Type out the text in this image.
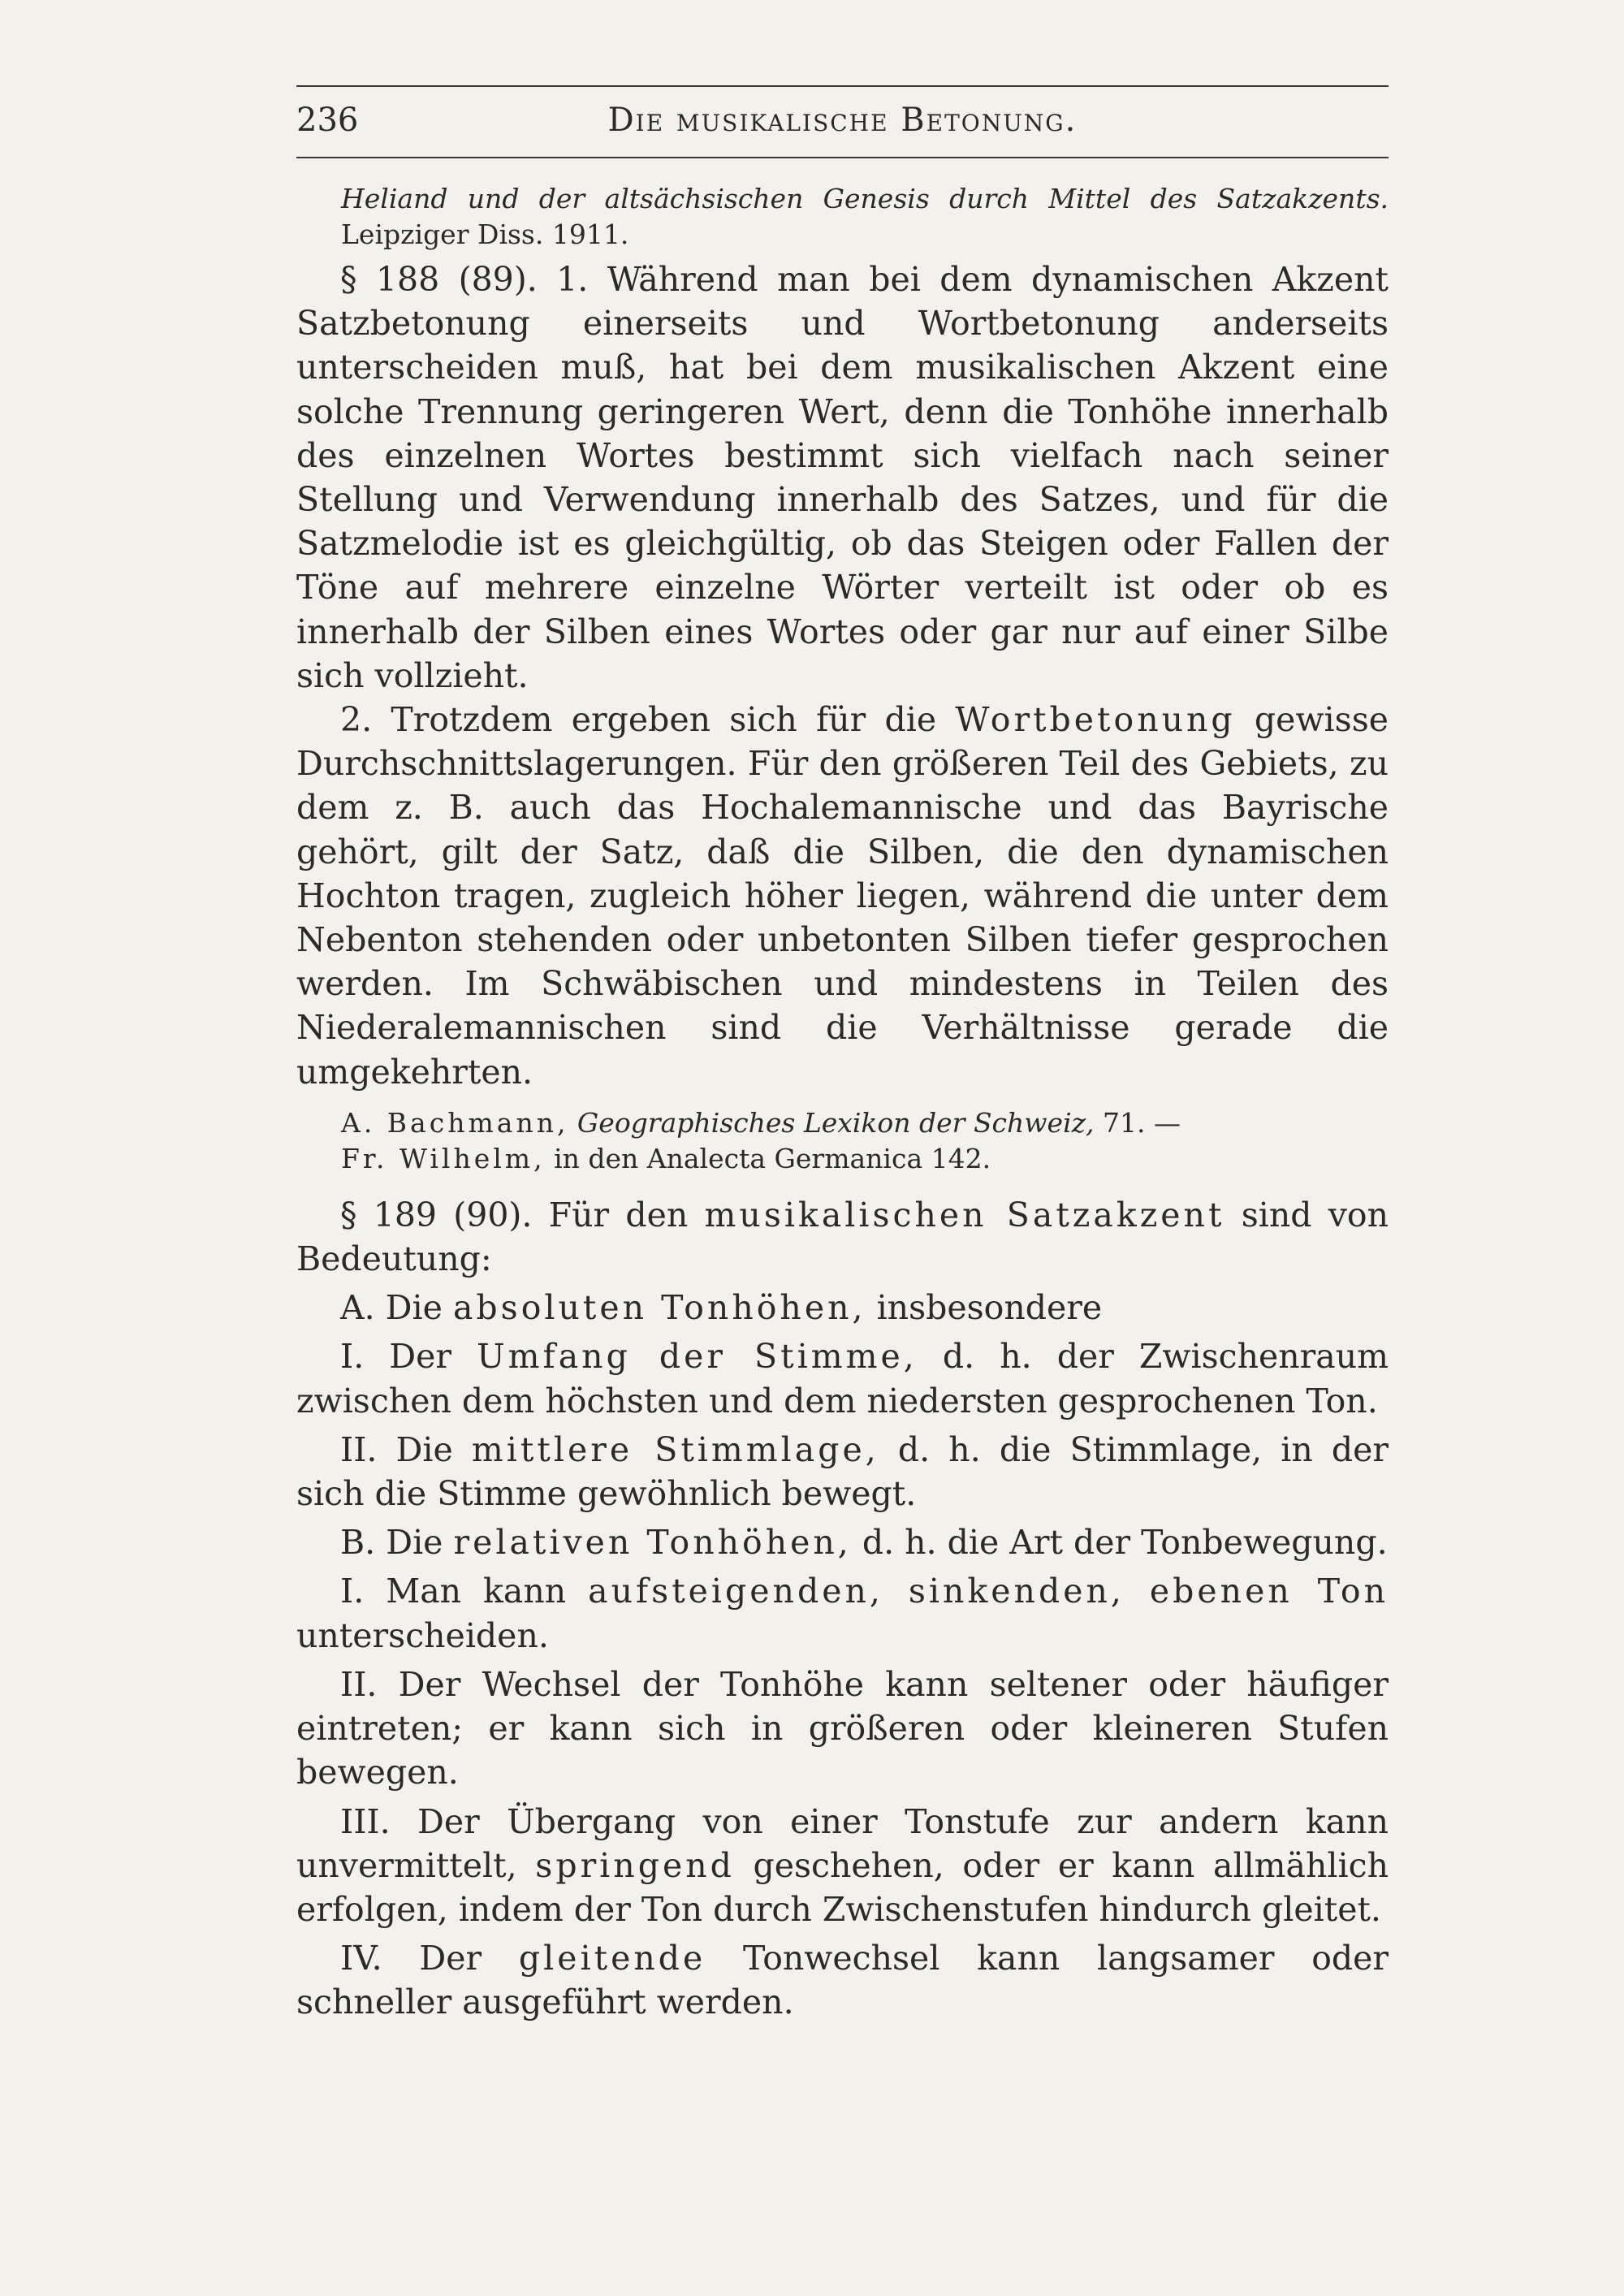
236	Die musikalische Betonung.

Heliand und der altsächsischen Genesis durch Mittel des Satzakzents. Leipziger Diss. 1911.

§ 188 (89). 1. Während man bei dem dynamischen Akzent Satzbetonung einerseits und Wortbetonung anderseits unterscheiden muß, hat bei dem musikalischen Akzent eine solche Trennung geringeren Wert, denn die Tonhöhe innerhalb des einzelnen Wortes bestimmt sich vielfach nach seiner Stellung und Verwendung innerhalb des Satzes, und für die Satzmelodie ist es gleichgültig, ob das Steigen oder Fallen der Töne auf mehrere einzelne Wörter verteilt ist oder ob es innerhalb der Silben eines Wortes oder gar nur auf einer Silbe sich vollzieht.

2. Trotzdem ergeben sich für die Wortbetonung gewisse Durchschnittslagerungen. Für den größeren Teil des Gebiets, zu dem z. B. auch das Hochalemannische und das Bayrische gehört, gilt der Satz, daß die Silben, die den dynamischen Hochton tragen, zugleich höher liegen, während die unter dem Nebenton stehenden oder unbetonten Silben tiefer gesprochen werden. Im Schwäbischen und mindestens in Teilen des Niederalemannischen sind die Verhältnisse gerade die umgekehrten.

A. Bachmann, Geographisches Lexikon der Schweiz, 71. —
Fr. Wilhelm, in den Analecta Germanica 142.

§ 189 (90). Für den musikalischen Satzakzent sind von Bedeutung:

A. Die absoluten Tonhöhen, insbesondere

I. Der Umfang der Stimme, d. h. der Zwischenraum zwischen dem höchsten und dem niedersten gesprochenen Ton.

II. Die mittlere Stimmlage, d. h. die Stimmlage, in der sich die Stimme gewöhnlich bewegt.

B. Die relativen Tonhöhen, d. h. die Art der Tonbewegung.

I. Man kann aufsteigenden, sinkenden, ebenen Ton unterscheiden.

II. Der Wechsel der Tonhöhe kann seltener oder häufiger eintreten; er kann sich in größeren oder kleineren Stufen bewegen.

III. Der Übergang von einer Tonstufe zur andern kann unvermittelt, springend geschehen, oder er kann allmählich erfolgen, indem der Ton durch Zwischenstufen hindurch gleitet.

IV. Der gleitende Tonwechsel kann langsamer oder schneller ausgeführt werden.
